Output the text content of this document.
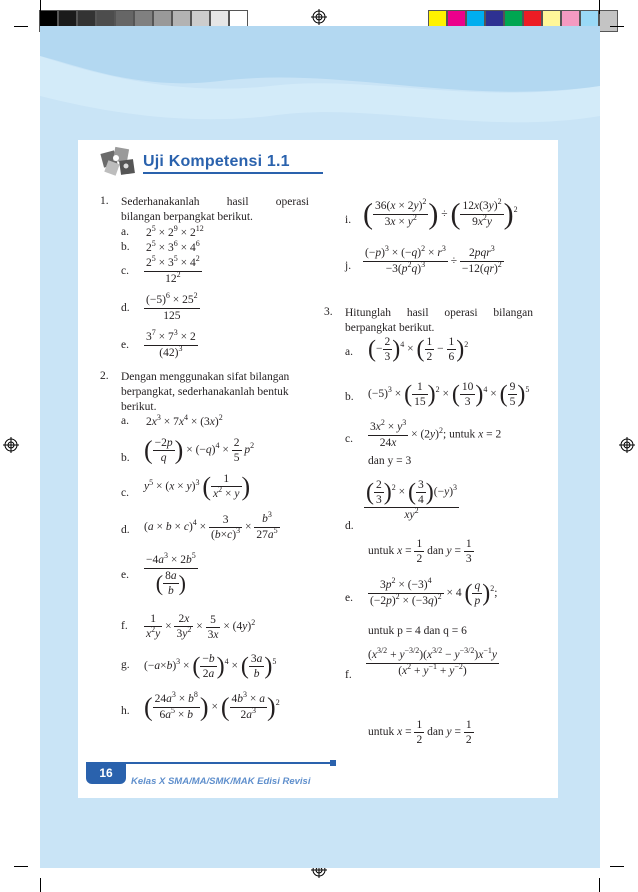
Uji Kompetensi 1.1
1. Sederhanakanlah hasil operasi
bilangan berpangkat berikut.
a. $2^5 \times 2^9 \times 2^{12}$
b. $2^5 \times 3^6 \times 4^6$
c. $\frac{2^5 \times 3^5 \times 4^2}{12^2}$
d. $\frac{(-5)^6 \times 25^2}{125}$
e. $\frac{3^7 \times 7^3 \times 2}{(42)^3}$
2. Dengan menggunakan sifat bilangan
berpangkat, sederhanakanlah bentuk
berikut.
a. $2x^3 \times 7x^4 \times (3x)^2$
b. ( $\frac{-2p}{q}$ ) × $(-q)^4 \times \frac{2}{5} p^2$
c.
$y^5 \times (x \times y)^3$ ( $\frac{1}{x^2 \times y}$ )
d. $(a \times b \times c)^4 \times \frac{3}{(b\times c)^3} \times \frac{b^3}{27a^5}$
e. $\frac{-4a^3 \times 2b^5}{( \frac{8a}{b} )}$
f. $\frac{1}{x^2y} \times \frac{2x}{3y^2} \times \frac{5}{3x} \times (4y)^2$
g. $(-a\times b)^3$ × ( $\frac{-b}{2a} )^4$ × ( $\frac{3a}{b} )^5$
h. ( $\frac{24a^3 \times b^8}{6a^5 \times b}$ ) × ( $\frac{4b^3 \times a}{2a^3} )^2$
i. ( $\frac{36(x \times 2y)^2}{3x \times y^2}$ ) ÷ ( $\frac{12x(3y)^2}{9x^2y} )^2$
j. $\frac{(-p)^3 \times (-q)^2 \times r^3}{-3(p^2q)^3} \div \frac{2pqr^3}{-12(qr)^2}$
3. Hitunglah hasil operasi bilangan
berpangkat berikut.
a. (− $\frac{2}{3} )^4$ × ( $\frac{1}{2} - \frac{1}{6} )^2$
b. $(-5)^3$ × ( $\frac{1}{15} )^2$ × ( $\frac{10}{3} )^4$ × ( $\frac{9}{5} )^5$
c. $\frac{3x^2 \times y^3}{24x} \times (2y)^2$; untuk x = 2
dan y = 3
d.
$\frac{( \frac{2}{3} )^2 \times ( \frac{3}{4} )(-y)^3}{xy^2}$
untuk $x = \frac{1}{2}$ dan $y = \frac{1}{3}$
e. $\frac{3p^2 \times (-3)^4}{(-2p)^2 \times (-3q)^2} \times 4$ ( $\frac{q}{p} )^2$;
untuk p = 4 dan q = 6
f. $\frac{(x^{3/2} + y^{-3/2})(x^{3/2} - y^{-3/2})x^{-1}y}{(x^2 + y^{-1} + y^{-2})}$
untuk $x = \frac{1}{2}$ dan $y = \frac{1}{2}$
16
Kelas X SMA/MA/SMK/MAK Edisi Revisi
